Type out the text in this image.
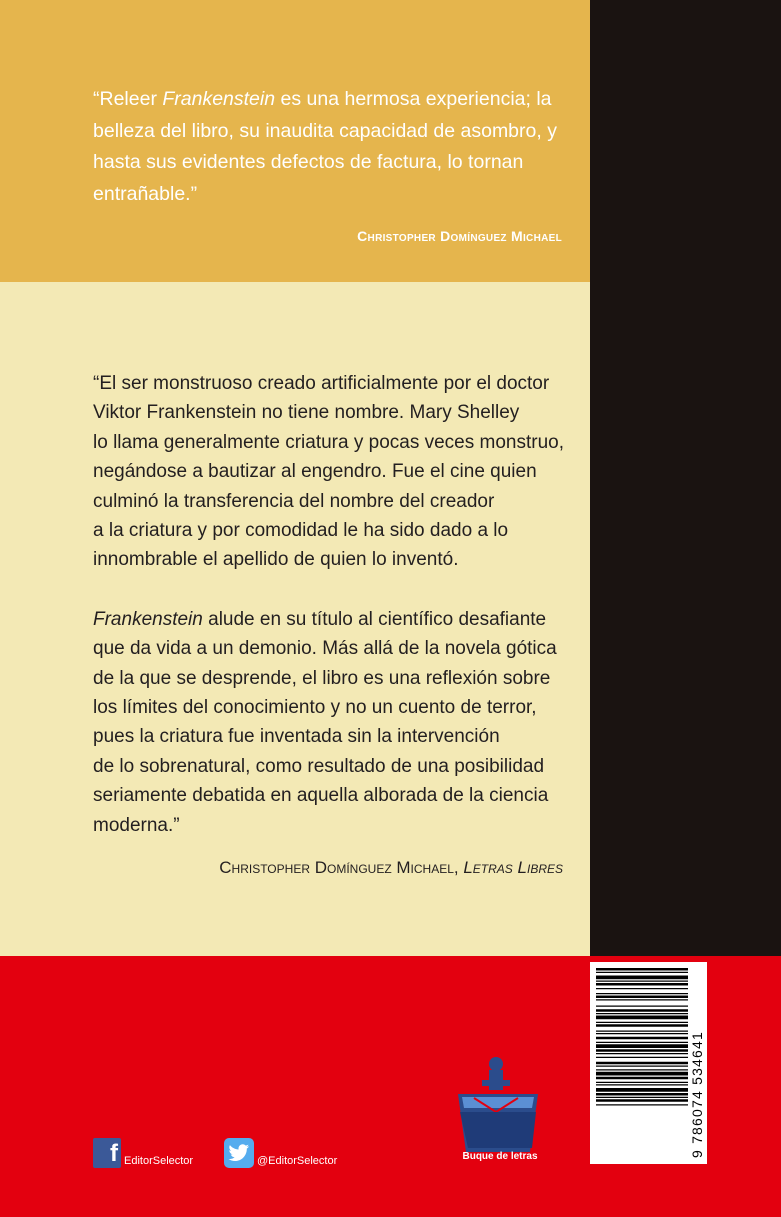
“Releer Frankenstein es una hermosa experiencia; la belleza del libro, su inaudita capacidad de asombro, y hasta sus evidentes defectos de factura, lo tornan entrañable.”

Christopher Domínguez Michael

“El ser monstruoso creado artificialmente por el doctor
Viktor Frankenstein no tiene nombre. Mary Shelley
lo llama generalmente criatura y pocas veces monstruo,
negándose a bautizar al engendro. Fue el cine quien
culminó la transferencia del nombre del creador
a la criatura y por comodidad le ha sido dado a lo
innombrable el apellido de quien lo inventó.

Frankenstein alude en su título al científico desafiante
que da vida a un demonio. Más allá de la novela gótica
de la que se desprende, el libro es una reflexión sobre
los límites del conocimiento y no un cuento de terror,
pues la criatura fue inventada sin la intervención
de lo sobrenatural, como resultado de una posibilidad
seriamente debatida en aquella alborada de la ciencia
moderna.”

Christopher Domínguez Michael, Letras Libres
f EditorSelector	@EditorSelector	Buque de letras	9 786074 534641
